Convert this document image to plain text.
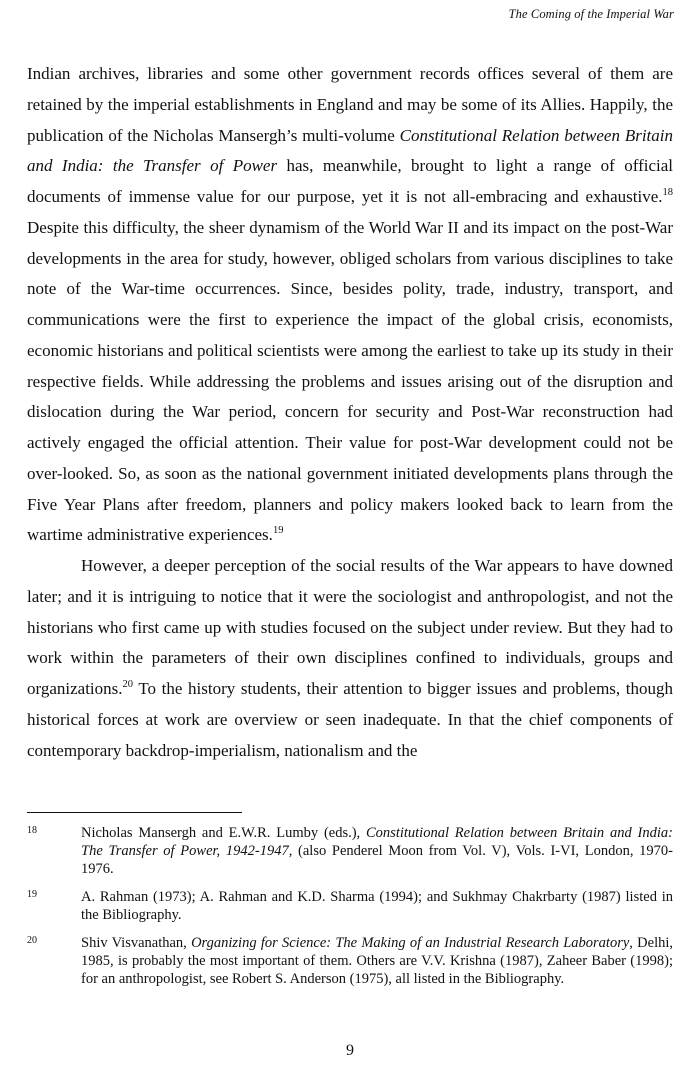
The Coming of the Imperial War

Indian archives, libraries and some other government records offices several of them are retained by the imperial establishments in England and may be some of its Allies. Happily, the publication of the Nicholas Mansergh’s multi-volume Constitutional Relation between Britain and India: the Transfer of Power has, meanwhile, brought to light a range of official documents of immense value for our purpose, yet it is not all-embracing and exhaustive.$^{18}$ Despite this difficulty, the sheer dynamism of the World War II and its impact on the post-War developments in the area for study, however, obliged scholars from various disciplines to take note of the War-time occurrences. Since, besides polity, trade, industry, transport, and communications were the first to experience the impact of the global crisis, economists, economic historians and political scientists were among the earliest to take up its study in their respective fields. While addressing the problems and issues arising out of the disruption and dislocation during the War period, concern for security and Post-War reconstruction had actively engaged the official attention. Their value for post-War development could not be over-looked. So, as soon as the national government initiated developments plans through the Five Year Plans after freedom, planners and policy makers looked back to learn from the wartime administrative experiences.$^{19}$

However, a deeper perception of the social results of the War appears to have downed later; and it is intriguing to notice that it were the sociologist and anthropologist, and not the historians who first came up with studies focused on the subject under review. But they had to work within the parameters of their own disciplines confined to individuals, groups and organizations.$^{20}$ To the history students, their attention to bigger issues and problems, though historical forces at work are overview or seen inadequate. In that the chief components of contemporary backdrop-imperialism, nationalism and the

18	Nicholas Mansergh and E.W.R. Lumby (eds.), Constitutional Relation between Britain and India: The Transfer of Power, 1942-1947, (also Penderel Moon from Vol. V), Vols. I-VI, London, 1970-1976.
19	A. Rahman (1973); A. Rahman and K.D. Sharma (1994); and Sukhmay Chakrbarty (1987) listed in the Bibliography.
20	Shiv Visvanathan, Organizing for Science: The Making of an Industrial Research Laboratory, Delhi, 1985, is probably the most important of them. Others are V.V. Krishna (1987), Zaheer Baber (1998); for an anthropologist, see Robert S. Anderson (1975), all listed in the Bibliography.
9
